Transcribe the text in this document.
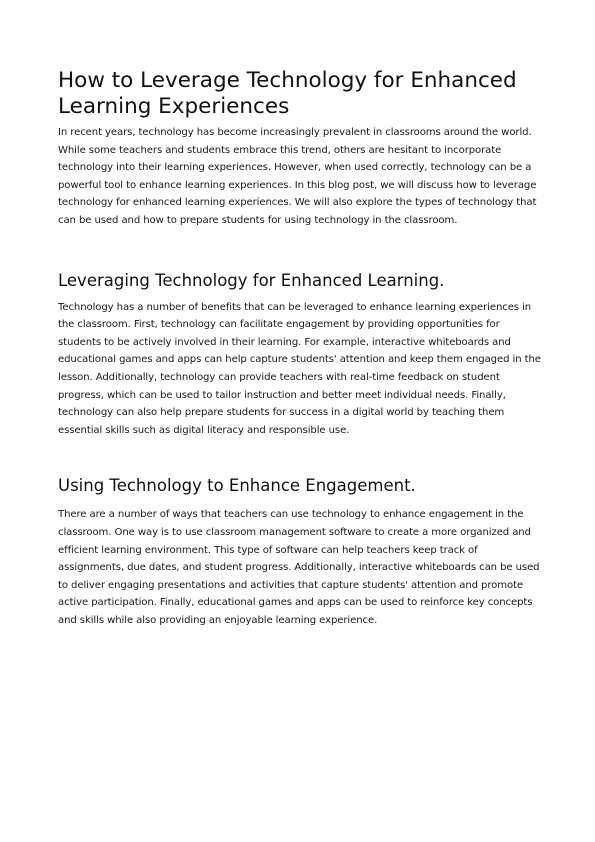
How to Leverage Technology for Enhanced Learning Experiences

In recent years, technology has become increasingly prevalent in classrooms around the world. While some teachers and students embrace this trend, others are hesitant to incorporate technology into their learning experiences. However, when used correctly, technology can be a powerful tool to enhance learning experiences. In this blog post, we will discuss how to leverage technology for enhanced learning experiences. We will also explore the types of technology that can be used and how to prepare students for using technology in the classroom.

Leveraging Technology for Enhanced Learning.

Technology has a number of benefits that can be leveraged to enhance learning experiences in the classroom. First, technology can facilitate engagement by providing opportunities for students to be actively involved in their learning. For example, interactive whiteboards and educational games and apps can help capture students' attention and keep them engaged in the lesson. Additionally, technology can provide teachers with real-time feedback on student progress, which can be used to tailor instruction and better meet individual needs. Finally, technology can also help prepare students for success in a digital world by teaching them essential skills such as digital literacy and responsible use.

Using Technology to Enhance Engagement.

There are a number of ways that teachers can use technology to enhance engagement in the classroom. One way is to use classroom management software to create a more organized and efficient learning environment. This type of software can help teachers keep track of assignments, due dates, and student progress. Additionally, interactive whiteboards can be used to deliver engaging presentations and activities that capture students' attention and promote active participation. Finally, educational games and apps can be used to reinforce key concepts and skills while also providing an enjoyable learning experience.
